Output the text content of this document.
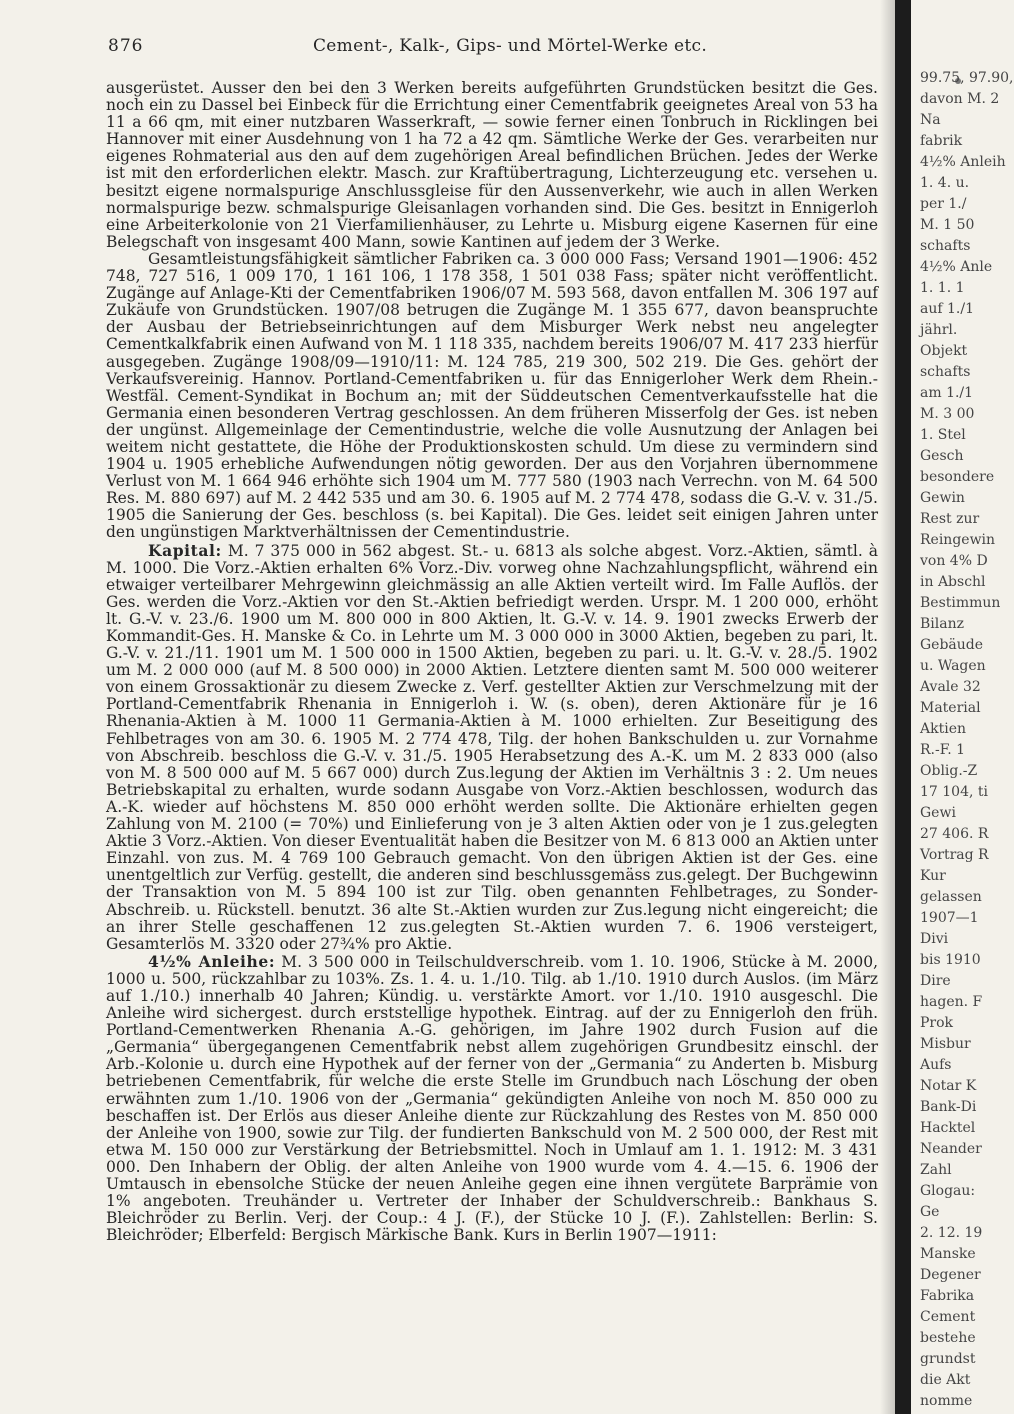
876	Cement-, Kalk-, Gips- und Mörtel-Werke etc.

ausgerüstet. Ausser den bei den 3 Werken bereits aufgeführten Grundstücken besitzt die Ges. noch ein zu Dassel bei Einbeck für die Errichtung einer Cementfabrik geeignetes Areal von 53 ha 11 a 66 qm, mit einer nutzbaren Wasserkraft, — sowie ferner einen Tonbruch in Ricklingen bei Hannover mit einer Ausdehnung von 1 ha 72 a 42 qm. Sämtliche Werke der Ges. verarbeiten nur eigenes Rohmaterial aus den auf dem zugehörigen Areal befindlichen Brüchen. Jedes der Werke ist mit den erforderlichen elektr. Masch. zur Kraftübertragung, Lichterzeugung etc. versehen u. besitzt eigene normalspurige Anschlussgleise für den Aussenverkehr, wie auch in allen Werken normalspurige bezw. schmalspurige Gleisanlagen vorhanden sind. Die Ges. besitzt in Ennigerloh eine Arbeiterkolonie von 21 Vierfamilienhäuser, zu Lehrte u. Misburg eigene Kasernen für eine Belegschaft von insgesamt 400 Mann, sowie Kantinen auf jedem der 3 Werke.

Gesamtleistungsfähigkeit sämtlicher Fabriken ca. 3 000 000 Fass; Versand 1901—1906: 452 748, 727 516, 1 009 170, 1 161 106, 1 178 358, 1 501 038 Fass; später nicht veröffentlicht. Zugänge auf Anlage-Kti der Cementfabriken 1906/07 M. 593 568, davon entfallen M. 306 197 auf Zukäufe von Grundstücken. 1907/08 betrugen die Zugänge M. 1 355 677, davon beanspruchte der Ausbau der Betriebseinrichtungen auf dem Misburger Werk nebst neu angelegter Cementkalkfabrik einen Aufwand von M. 1 118 335, nachdem bereits 1906/07 M. 417 233 hierfür ausgegeben. Zugänge 1908/09—1910/11: M. 124 785, 219 300, 502 219. Die Ges. gehört der Verkaufsvereinig. Hannov. Portland-Cementfabriken u. für das Ennigerloher Werk dem Rhein.-Westfäl. Cement-Syndikat in Bochum an; mit der Süddeutschen Cementverkaufsstelle hat die Germania einen besonderen Vertrag geschlossen. An dem früheren Misserfolg der Ges. ist neben der ungünst. Allgemeinlage der Cementindustrie, welche die volle Ausnutzung der Anlagen bei weitem nicht gestattete, die Höhe der Produktionskosten schuld. Um diese zu vermindern sind 1904 u. 1905 erhebliche Aufwendungen nötig geworden. Der aus den Vorjahren übernommene Verlust von M. 1 664 946 erhöhte sich 1904 um M. 777 580 (1903 nach Verrechn. von M. 64 500 Res. M. 880 697) auf M. 2 442 535 und am 30. 6. 1905 auf M. 2 774 478, sodass die G.-V. v. 31./5. 1905 die Sanierung der Ges. beschloss (s. bei Kapital). Die Ges. leidet seit einigen Jahren unter den ungünstigen Marktverhältnissen der Cementindustrie.

Kapital: M. 7 375 000 in 562 abgest. St.- u. 6813 als solche abgest. Vorz.-Aktien, sämtl. à M. 1000. Die Vorz.-Aktien erhalten 6% Vorz.-Div. vorweg ohne Nachzahlungspflicht, während ein etwaiger verteilbarer Mehrgewinn gleichmässig an alle Aktien verteilt wird. Im Falle Auflös. der Ges. werden die Vorz.-Aktien vor den St.-Aktien befriedigt werden. Urspr. M. 1 200 000, erhöht lt. G.-V. v. 23./6. 1900 um M. 800 000 in 800 Aktien, lt. G.-V. v. 14. 9. 1901 zwecks Erwerb der Kommandit-Ges. H. Manske & Co. in Lehrte um M. 3 000 000 in 3000 Aktien, begeben zu pari, lt. G.-V. v. 21./11. 1901 um M. 1 500 000 in 1500 Aktien, begeben zu pari. u. lt. G.-V. v. 28./5. 1902 um M. 2 000 000 (auf M. 8 500 000) in 2000 Aktien. Letztere dienten samt M. 500 000 weiterer von einem Grossaktionär zu diesem Zwecke z. Verf. gestellter Aktien zur Verschmelzung mit der Portland-Cementfabrik Rhenania in Ennigerloh i. W. (s. oben), deren Aktionäre für je 16 Rhenania-Aktien à M. 1000 11 Germania-Aktien à M. 1000 erhielten. Zur Beseitigung des Fehlbetrages von am 30. 6. 1905 M. 2 774 478, Tilg. der hohen Bankschulden u. zur Vornahme von Abschreib. beschloss die G.-V. v. 31./5. 1905 Herabsetzung des A.-K. um M. 2 833 000 (also von M. 8 500 000 auf M. 5 667 000) durch Zus.legung der Aktien im Verhältnis 3 : 2. Um neues Betriebskapital zu erhalten, wurde sodann Ausgabe von Vorz.-Aktien beschlossen, wodurch das A.-K. wieder auf höchstens M. 850 000 erhöht werden sollte. Die Aktionäre erhielten gegen Zahlung von M. 2100 (= 70%) und Einlieferung von je 3 alten Aktien oder von je 1 zus.gelegten Aktie 3 Vorz.-Aktien. Von dieser Eventualität haben die Besitzer von M. 6 813 000 an Aktien unter Einzahl. von zus. M. 4 769 100 Gebrauch gemacht. Von den übrigen Aktien ist der Ges. eine unentgeltlich zur Verfüg. gestellt, die anderen sind beschlussgemäss zus.gelegt. Der Buchgewinn der Transaktion von M. 5 894 100 ist zur Tilg. oben genannten Fehlbetrages, zu Sonder-Abschreib. u. Rückstell. benutzt. 36 alte St.-Aktien wurden zur Zus.legung nicht eingereicht; die an ihrer Stelle geschaffenen 12 zus.gelegten St.-Aktien wurden 7. 6. 1906 versteigert, Gesamterlös M. 3320 oder 27¾% pro Aktie.

4½% Anleihe: M. 3 500 000 in Teilschuldverschreib. vom 1. 10. 1906, Stücke à M. 2000, 1000 u. 500, rückzahlbar zu 103%. Zs. 1. 4. u. 1./10. Tilg. ab 1./10. 1910 durch Auslos. (im März auf 1./10.) innerhalb 40 Jahren; Kündig. u. verstärkte Amort. vor 1./10. 1910 ausgeschl. Die Anleihe wird sichergest. durch erststellige hypothek. Eintrag. auf der zu Ennigerloh den früh. Portland-Cementwerken Rhenania A.-G. gehörigen, im Jahre 1902 durch Fusion auf die „Germania“ übergegangenen Cementfabrik nebst allem zugehörigen Grundbesitz einschl. der Arb.-Kolonie u. durch eine Hypothek auf der ferner von der „Germania“ zu Anderten b. Misburg betriebenen Cementfabrik, für welche die erste Stelle im Grundbuch nach Löschung der oben erwähnten zum 1./10. 1906 von der „Germania“ gekündigten Anleihe von noch M. 850 000 zu beschaffen ist. Der Erlös aus dieser Anleihe diente zur Rückzahlung des Restes von M. 850 000 der Anleihe von 1900, sowie zur Tilg. der fundierten Bankschuld von M. 2 500 000, der Rest mit etwa M. 150 000 zur Verstärkung der Betriebsmittel. Noch in Umlauf am 1. 1. 1912: M. 3 431 000. Den Inhabern der Oblig. der alten Anleihe von 1900 wurde vom 4. 4.—15. 6. 1906 der Umtausch in ebensolche Stücke der neuen Anleihe gegen eine ihnen vergütete Barprämie von 1% angeboten. Treuhänder u. Vertreter der Inhaber der Schuldverschreib.: Bankhaus S. Bleichröder zu Berlin. Verj. der Coup.: 4 J. (F.), der Stücke 10 J. (F.). Zahlstellen: Berlin: S. Bleichröder; Elberfeld: Bergisch Märkische Bank. Kurs in Berlin 1907—1911:

99.75, 97.90,
davon M. 2
Na
fabrik
4½% Anleih
1. 4. u.
per 1./
M. 1 50
schafts
4½% Anle
1. 1. 1
auf 1./1
jährl.
Objekt
schafts
am 1./1
M. 3 00
1. Stel
Gesch
besondere
Gewin
Rest zur
Reingewin
von 4% D
in Abschl
Bestimmun
Bilanz
Gebäude
u. Wagen
Avale 32
Material
Aktien
R.-F. 1
Oblig.-Z
17 104, ti
Gewi
27 406. R
Vortrag R
Kur
gelassen
1907—1
Divi
bis 1910
Dire
hagen. F
Prok
Misbur
Aufs
Notar K
Bank-Di
Hacktel
Neander
Zahl
Glogau:
Ge
2. 12. 19
Manske
Degener
Fabrika
Cement
bestehe
grundst
die Akt
nomme
